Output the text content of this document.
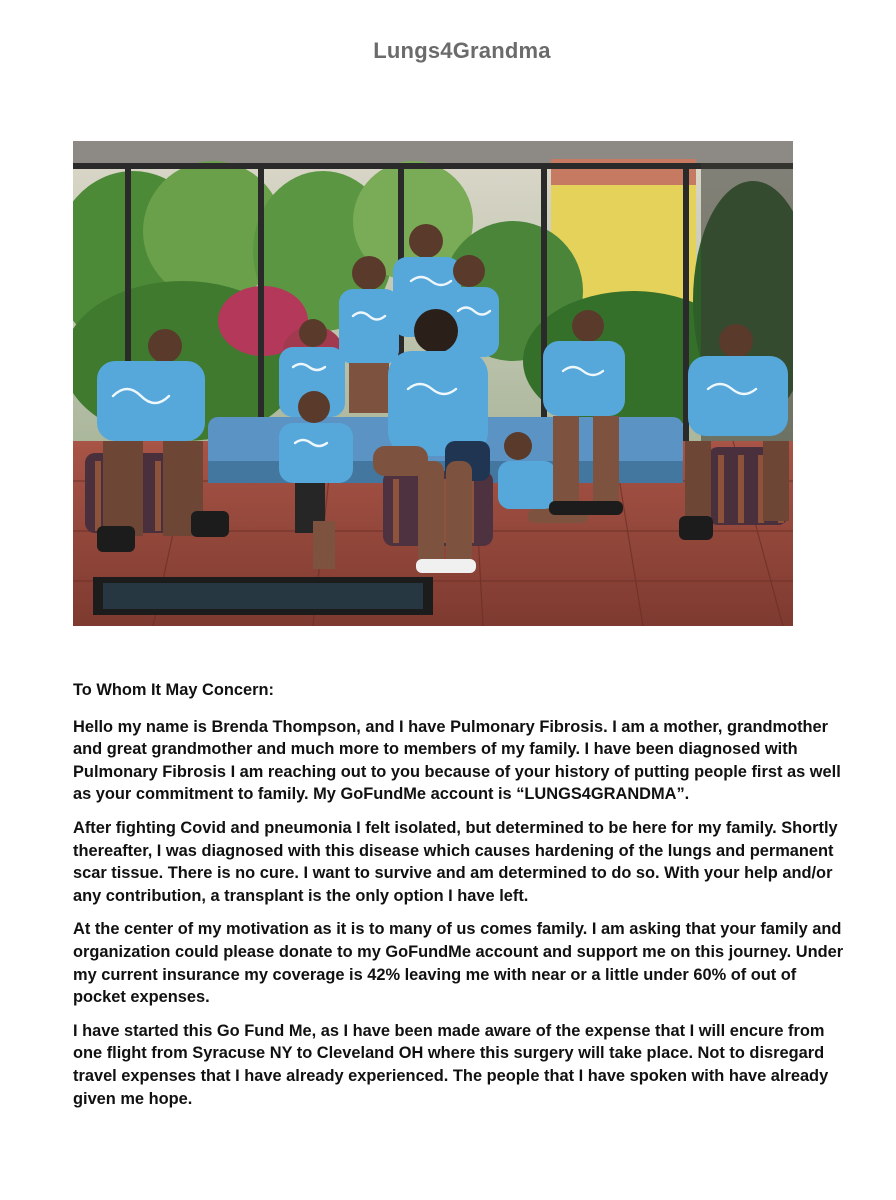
Lungs4Grandma

To Whom It May Concern:

Hello my name is Brenda Thompson, and I have Pulmonary Fibrosis. I am a mother, grandmother and great grandmother and much more to members of my family. I have been diagnosed with Pulmonary Fibrosis I am reaching out to you because of your history of putting people first as well as your commitment to family. My GoFundMe account is “LUNGS4GRANDMA”.

After fighting Covid and pneumonia I felt isolated, but determined to be here for my family. Shortly thereafter, I was diagnosed with this disease which causes hardening of the lungs and permanent scar tissue. There is no cure. I want to survive and am determined to do so. With your help and/or any contribution, a transplant is the only option I have left.

At the center of my motivation as it is to many of us comes family. I am asking that your family and organization could please donate to my GoFundMe account and support me on this journey. Under my current insurance my coverage is 42% leaving me with near or a little under 60% of out of pocket expenses.

I have started this Go Fund Me, as I have been made aware of the expense that I will encure from one flight from Syracuse NY to Cleveland OH where this surgery will take place. Not to disregard travel expenses that I have already experienced. The people that I have spoken with have already given me hope.
